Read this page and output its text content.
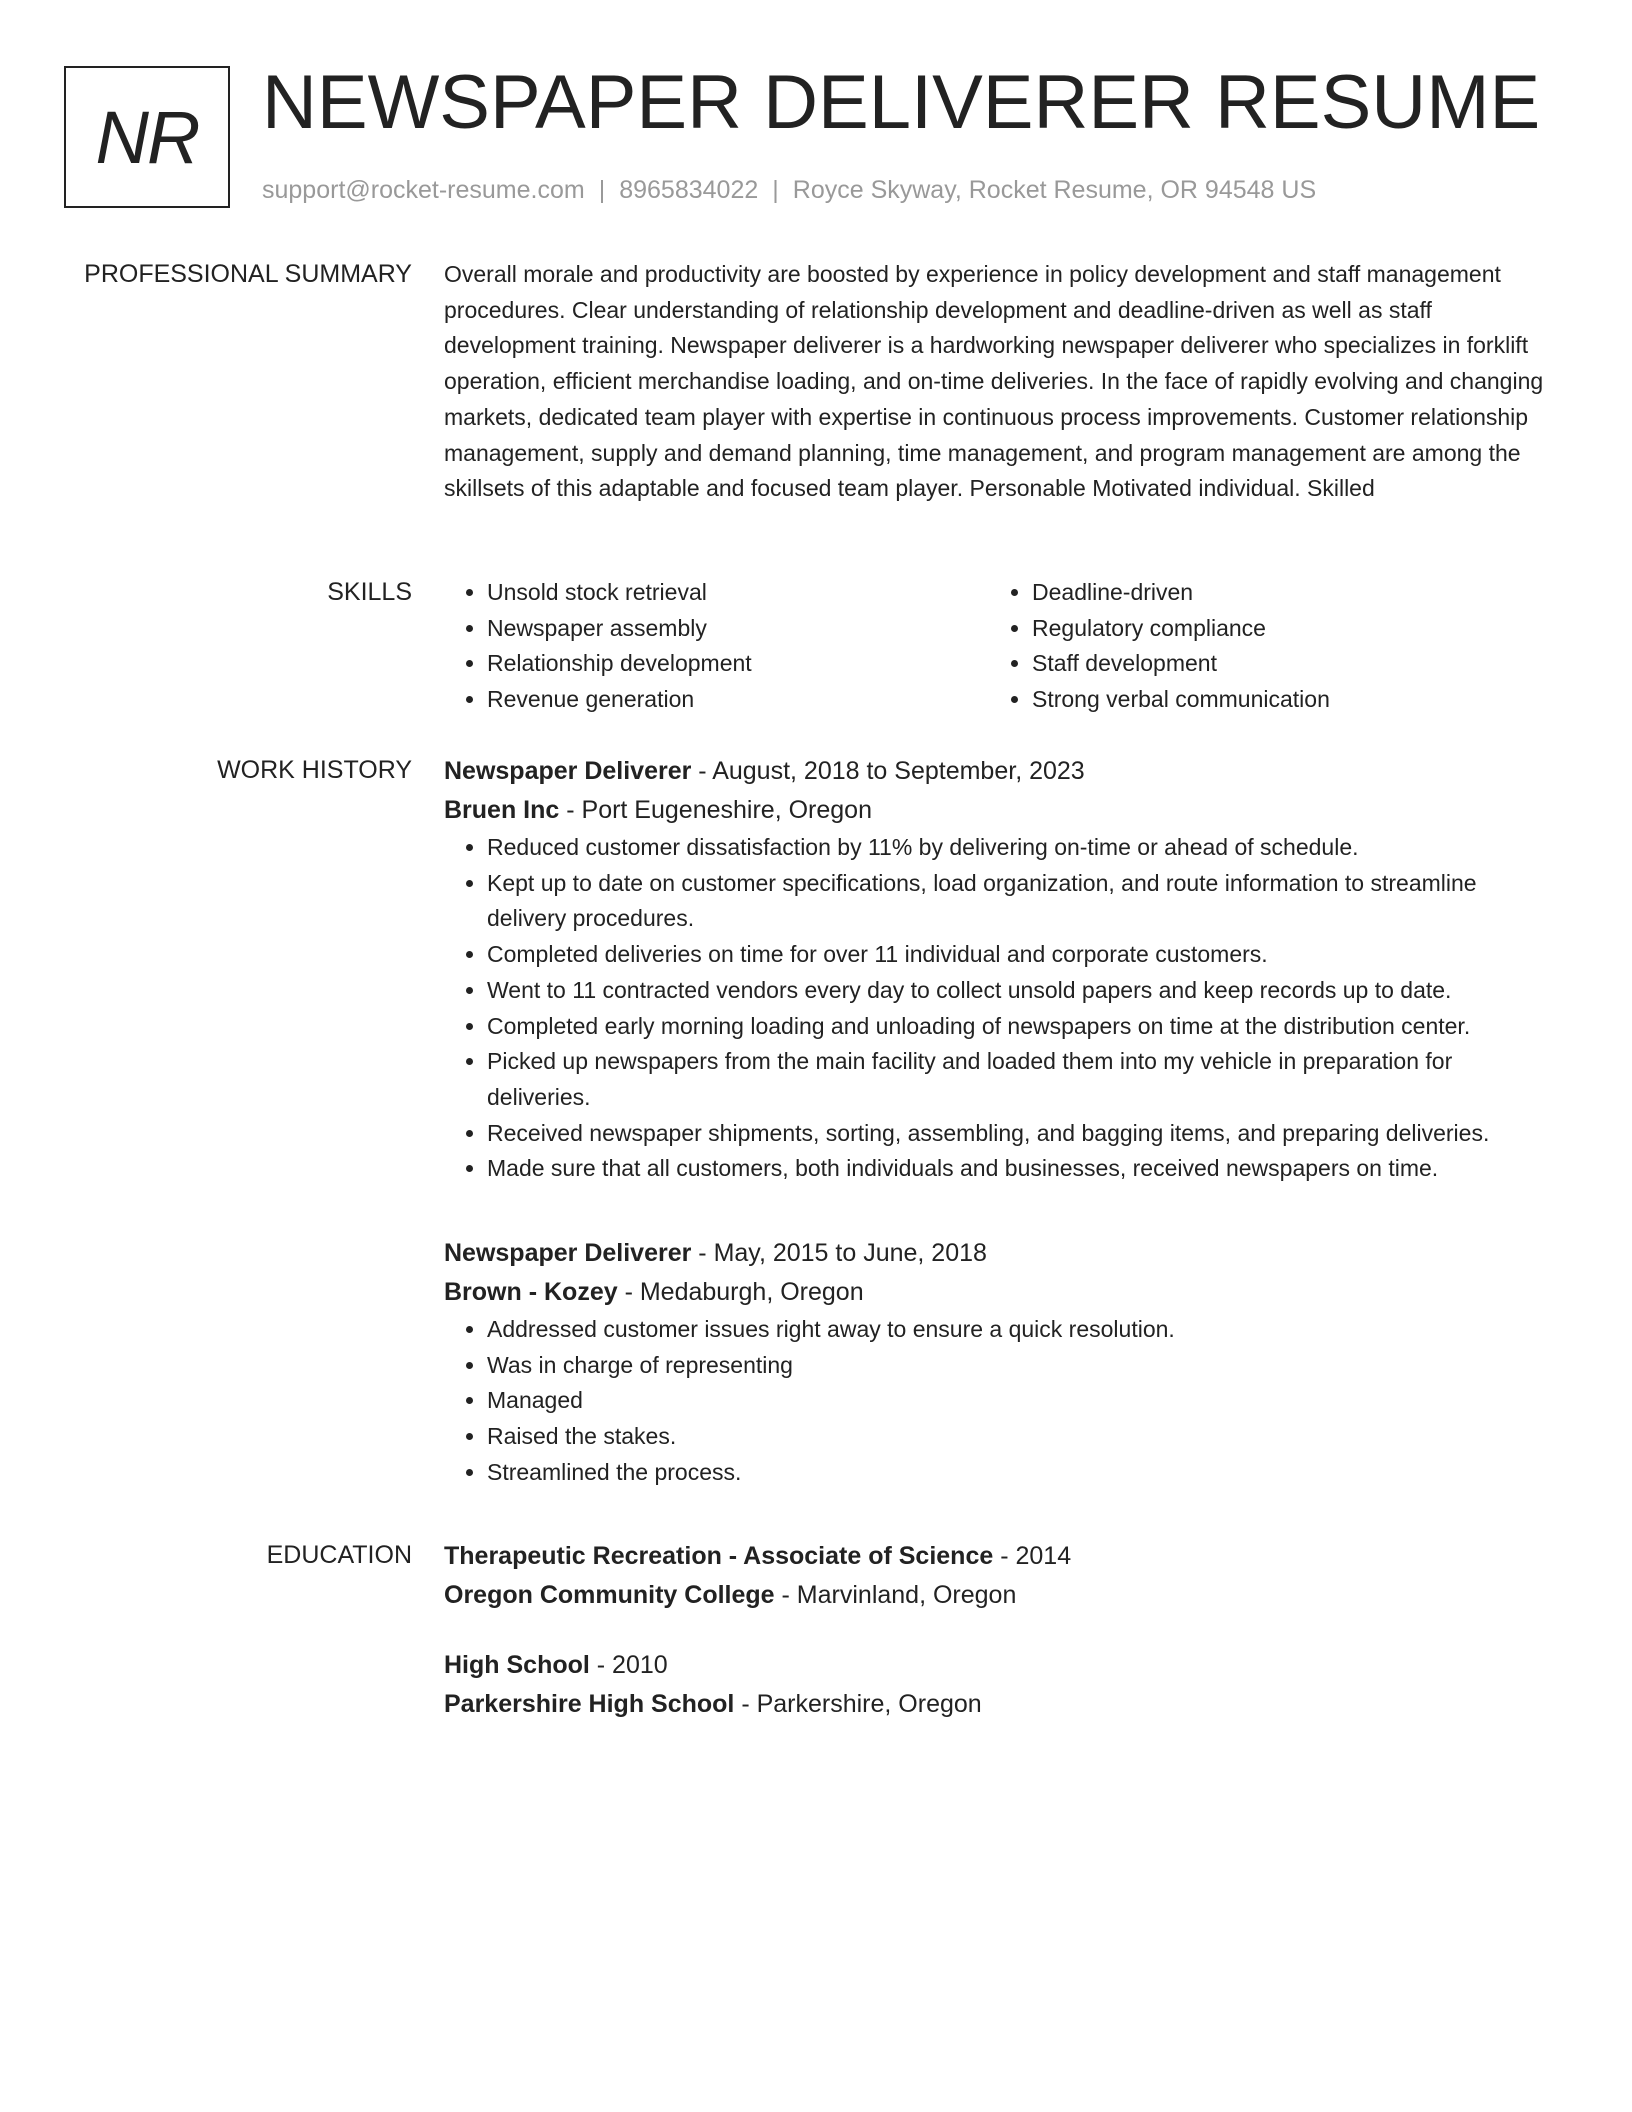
NR NEWSPAPER DELIVERER RESUME
support@rocket-resume.com | 8965834022 | Royce Skyway, Rocket Resume, OR 94548 US
PROFESSIONAL SUMMARY Overall morale and productivity are boosted by experience in policy development and staff management procedures. Clear understanding of relationship development and deadline-driven as well as staff development training. Newspaper deliverer is a hardworking newspaper deliverer who specializes in forklift operation, efficient merchandise loading, and on-time deliveries. In the face of rapidly evolving and changing markets, dedicated team player with expertise in continuous process improvements. Customer relationship management, supply and demand planning, time management, and program management are among the skillsets of this adaptable and focused team player. Personable Motivated individual. Skilled

SKILLS
•	Unsold stock retrieval
• Newspaper assembly
• Relationship development
• Revenue generation
• Deadline-driven
• Regulatory compliance
• Staff development
• Strong verbal communication
WORK HISTORY Newspaper Deliverer - August, 2018 to September, 2023
Bruen Inc - Port Eugeneshire, Oregon
• Reduced customer dissatisfaction by 11% by delivering on-time or ahead of schedule.
• Kept up to date on customer specifications, load organization, and route information to streamline delivery procedures.
• Completed deliveries on time for over 11 individual and corporate customers.
• Went to 11 contracted vendors every day to collect unsold papers and keep records up to date.
• Completed early morning loading and unloading of newspapers on time at the distribution center.
• Picked up newspapers from the main facility and loaded them into my vehicle in preparation for deliveries.
• Received newspaper shipments, sorting, assembling, and bagging items, and preparing deliveries.
• Made sure that all customers, both individuals and businesses, received newspapers on time.
Newspaper Deliverer - May, 2015 to June, 2018
Brown - Kozey - Medaburgh, Oregon
• Addressed customer issues right away to ensure a quick resolution.
• Was in charge of representing
• Managed
• Raised the stakes.
• Streamlined the process.
EDUCATION Therapeutic Recreation - Associate of Science - 2014
Oregon Community College - Marvinland, Oregon
High School - 2010
Parkershire High School - Parkershire, Oregon
